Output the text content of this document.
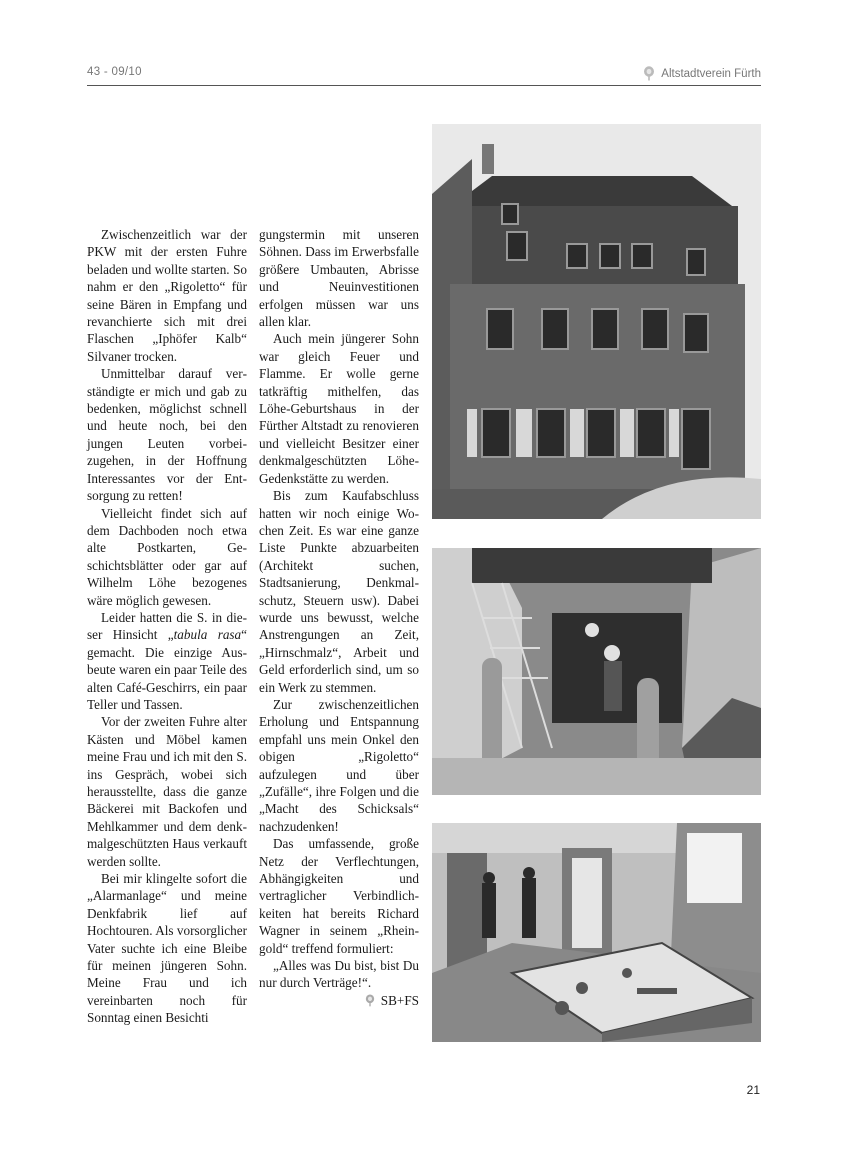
43 - 09/10	Altstadtverein Fürth

Zwischenzeitlich war der PKW mit der ersten Fuhre beladen und wollte starten. So nahm er den „Rigoletto“ für seine Bären in Empfang und revanchierte sich mit drei Flaschen „Iphöfer Kalb“ Silvaner trocken.

Unmittelbar darauf verständigte er mich und gab zu bedenken, möglichst schnell und heute noch, bei den jungen Leuten vorbeizugehen, in der Hoffnung Interessantes vor der Entsorgung zu retten!

Vielleicht findet sich auf dem Dachboden noch etwa alte Postkarten, Geschichtsblätter oder gar auf Wilhelm Löhe bezogenes wäre möglich gewesen.

Leider hatten die S. in dieser Hinsicht „tabula rasa“ gemacht. Die einzige Ausbeute waren ein paar Teile des alten Café-Geschirrs, ein paar Teller und Tassen.

Vor der zweiten Fuhre alter Kästen und Möbel kamen meine Frau und ich mit den S. ins Gespräch, wobei sich herausstellte, dass die ganze Bäckerei mit Backofen und Mehlkammer und dem denkmalgeschützten Haus verkauft werden sollte.

Bei mir klingelte sofort die „Alarmanlage“ und meine Denkfabrik lief auf Hochtouren. Als vorsorglicher Vater suchte ich eine Bleibe für meinen jüngeren Sohn. Meine Frau und ich vereinbarten noch für Sonntag einen Besichti

gungstermin mit unseren Söhnen. Dass im Erwerbsfalle größere Umbauten, Abrisse und Neuinvestitionen erfolgen müssen war uns allen klar.

Auch mein jüngerer Sohn war gleich Feuer und Flamme. Er wolle gerne tatkräftig mithelfen, das Löhe-Geburtshaus in der Fürther Altstadt zu renovieren und vielleicht Besitzer einer denkmalgeschützten Löhe-Gedenkstätte zu werden.

Bis zum Kaufabschluss hatten wir noch einige Wochen Zeit. Es war eine ganze Liste Punkte abzuarbeiten (Architekt suchen, Stadtsanierung, Denkmalschutz, Steuern usw). Dabei wurde uns bewusst, welche Anstrengungen an Zeit, „Hirnschmalz“, Arbeit und Geld erforderlich sind, um so ein Werk zu stemmen.

Zur zwischenzeitlichen Erholung und Entspannung empfahl uns mein Onkel den obigen „Rigoletto“ aufzulegen und über „Zufälle“, ihre Folgen und die „Macht des Schicksals“ nachzudenken!

Das umfassende, große Netz der Verflechtungen, Abhängigkeiten und vertraglicher Verbindlichkeiten hat bereits Richard Wagner in seinem „Rheingold“ treffend formuliert:

„Alles was Du bist, bist Du nur durch Verträge!“.

SB+FS
21
